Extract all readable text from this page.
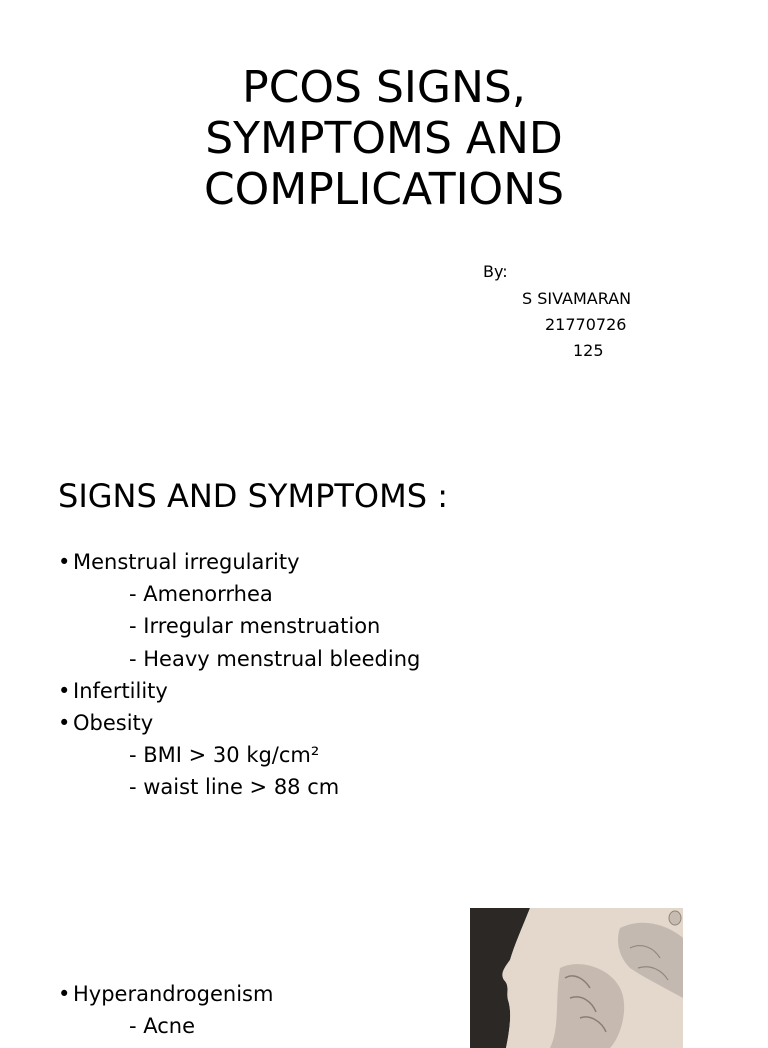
PCOS SIGNS,
SYMPTOMS AND
COMPLICATIONS
By:
S SIVAMARAN
21770726
125
SIGNS AND SYMPTOMS :
• Menstrual irregularity
- Amenorrhea
- Irregular menstruation
- Heavy menstrual bleeding
• Infertility
• Obesity
- BMI > 30 kg/cm²
- waist line > 88 cm
• Hyperandrogenism
- Acne
